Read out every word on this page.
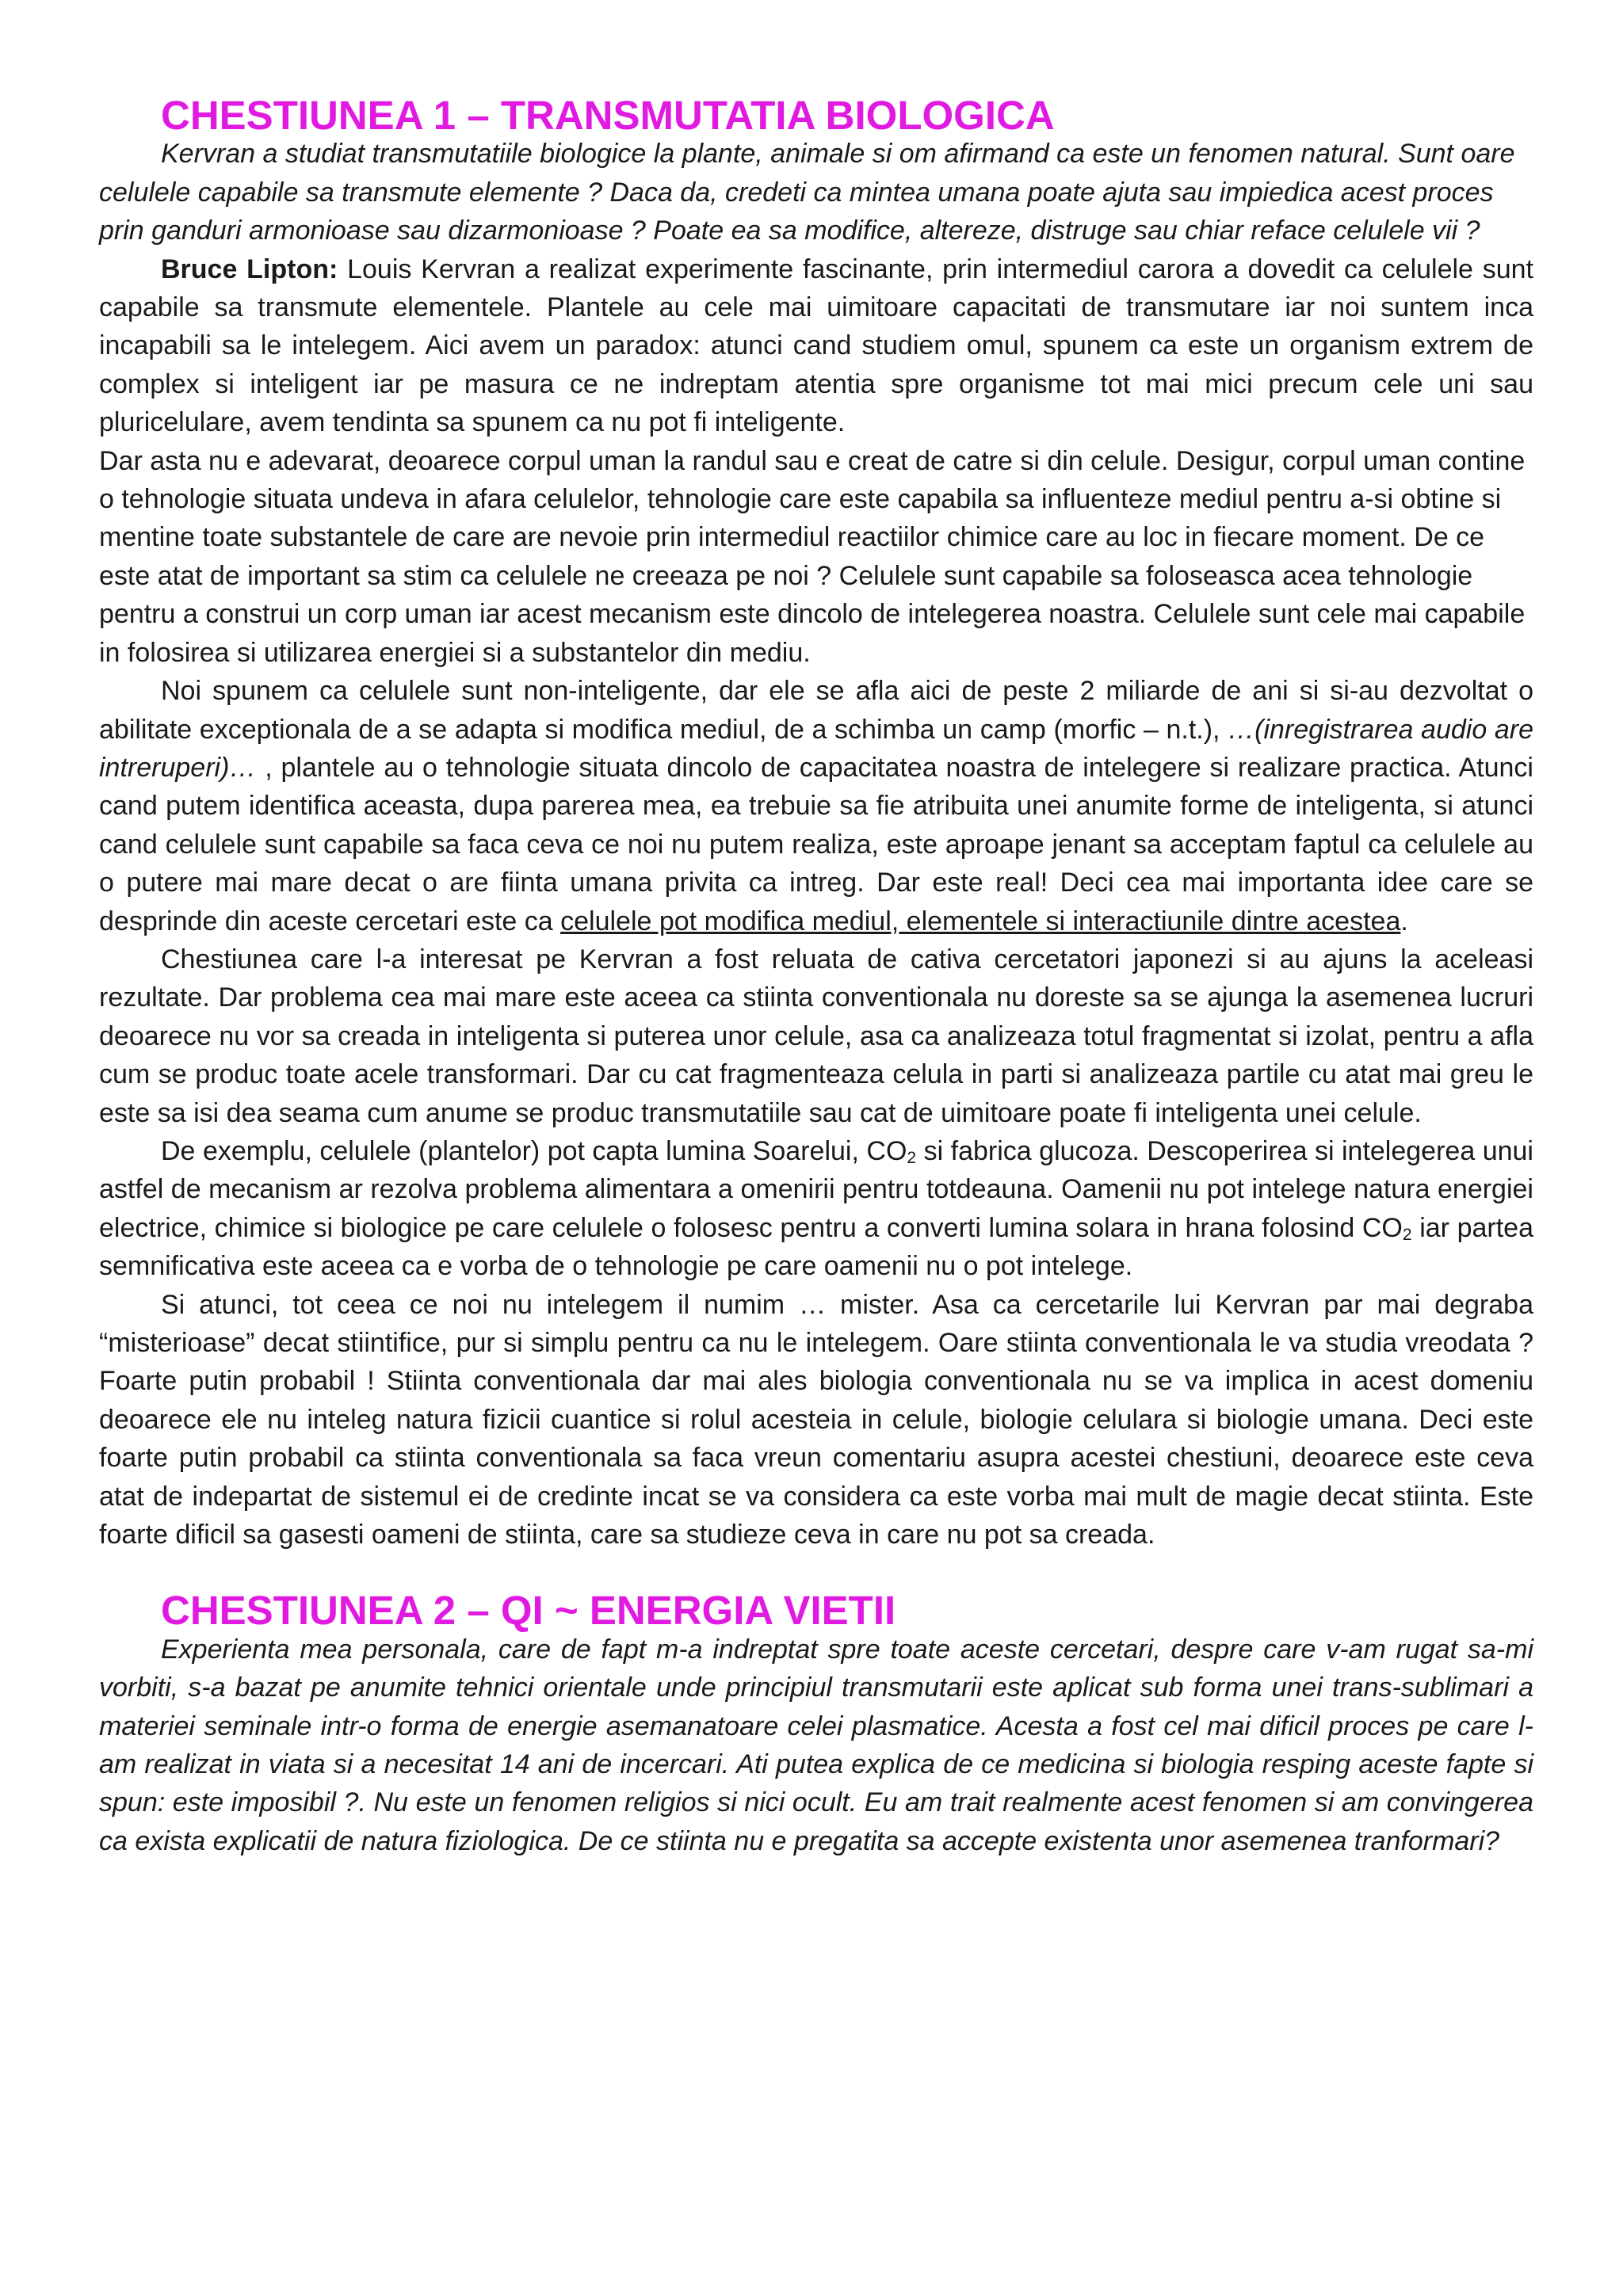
CHESTIUNEA 1 – TRANSMUTATIA BIOLOGICA

Kervran a studiat transmutatiile biologice la plante, animale si om afirmand ca este un fenomen natural. Sunt oare celulele capabile sa transmute elemente ? Daca da, credeti ca mintea umana poate ajuta sau impiedica acest proces prin ganduri armonioase sau dizarmonioase ? Poate ea sa modifice, altereze, distruge sau chiar reface celulele vii ?

Bruce Lipton: Louis Kervran a realizat experimente fascinante, prin intermediul carora a dovedit ca celulele sunt capabile sa transmute elementele. Plantele au cele mai uimitoare capacitati de transmutare iar noi suntem inca incapabili sa le intelegem. Aici avem un paradox: atunci cand studiem omul, spunem ca este un organism extrem de complex si inteligent iar pe masura ce ne indreptam atentia spre organisme tot mai mici precum cele uni sau pluricelulare, avem tendinta sa spunem ca nu pot fi inteligente.

Dar asta nu e adevarat, deoarece corpul uman la randul sau e creat de catre si din celule. Desigur, corpul uman contine o tehnologie situata undeva in afara celulelor, tehnologie care este capabila sa influenteze mediul pentru a-si obtine si mentine toate substantele de care are nevoie prin intermediul reactiilor chimice care au loc in fiecare moment. De ce este atat de important sa stim ca celulele ne creeaza pe noi ? Celulele sunt capabile sa foloseasca acea tehnologie pentru a construi un corp uman iar acest mecanism este dincolo de intelegerea noastra. Celulele sunt cele mai capabile in folosirea si utilizarea energiei si a substantelor din mediu.

Noi spunem ca celulele sunt non-inteligente, dar ele se afla aici de peste 2 miliarde de ani si si-au dezvoltat o abilitate exceptionala de a se adapta si modifica mediul, de a schimba un camp (morfic – n.t.), …(inregistrarea audio are intreruperi)… , plantele au o tehnologie situata dincolo de capacitatea noastra de intelegere si realizare practica. Atunci cand putem identifica aceasta, dupa parerea mea, ea trebuie sa fie atribuita unei anumite forme de inteligenta, si atunci cand celulele sunt capabile sa faca ceva ce noi nu putem realiza, este aproape jenant sa acceptam faptul ca celulele au o putere mai mare decat o are fiinta umana privita ca intreg. Dar este real! Deci cea mai importanta idee care se desprinde din aceste cercetari este ca celulele pot modifica mediul, elementele si interactiunile dintre acestea.

Chestiunea care l-a interesat pe Kervran a fost reluata de cativa cercetatori japonezi si au ajuns la aceleasi rezultate. Dar problema cea mai mare este aceea ca stiinta conventionala nu doreste sa se ajunga la asemenea lucruri deoarece nu vor sa creada in inteligenta si puterea unor celule, asa ca analizeaza totul fragmentat si izolat, pentru a afla cum se produc toate acele transformari. Dar cu cat fragmenteaza celula in parti si analizeaza partile cu atat mai greu le este sa isi dea seama cum anume se produc transmutatiile sau cat de uimitoare poate fi inteligenta unei celule.

De exemplu, celulele (plantelor) pot capta lumina Soarelui, $CO_2$ si fabrica glucoza. Descoperirea si intelegerea unui astfel de mecanism ar rezolva problema alimentara a omenirii pentru totdeauna. Oamenii nu pot intelege natura energiei electrice, chimice si biologice pe care celulele o folosesc pentru a converti lumina solara in hrana folosind $CO_2$ iar partea semnificativa este aceea ca e vorba de o tehnologie pe care oamenii nu o pot intelege.

Si atunci, tot ceea ce noi nu intelegem il numim … mister. Asa ca cercetarile lui Kervran par mai degraba “misterioase” decat stiintifice, pur si simplu pentru ca nu le intelegem. Oare stiinta conventionala le va studia vreodata ? Foarte putin probabil ! Stiinta conventionala dar mai ales biologia conventionala nu se va implica in acest domeniu deoarece ele nu inteleg natura fizicii cuantice si rolul acesteia in celule, biologie celulara si biologie umana. Deci este foarte putin probabil ca stiinta conventionala sa faca vreun comentariu asupra acestei chestiuni, deoarece este ceva atat de indepartat de sistemul ei de credinte incat se va considera ca este vorba mai mult de magie decat stiinta. Este foarte dificil sa gasesti oameni de stiinta, care sa studieze ceva in care nu pot sa creada.

CHESTIUNEA 2 – QI ~ ENERGIA VIETII

Experienta mea personala, care de fapt m-a indreptat spre toate aceste cercetari, despre care v-am rugat sa-mi vorbiti, s-a bazat pe anumite tehnici orientale unde principiul transmutarii este aplicat sub forma unei trans-sublimari a materiei seminale intr-o forma de energie asemanatoare celei plasmatice. Acesta a fost cel mai dificil proces pe care l-am realizat in viata si a necesitat 14 ani de incercari. Ati putea explica de ce medicina si biologia resping aceste fapte si spun: este imposibil ?. Nu este un fenomen religios si nici ocult. Eu am trait realmente acest fenomen si am convingerea ca exista explicatii de natura fiziologica. De ce stiinta nu e pregatita sa accepte existenta unor asemenea tranformari?
